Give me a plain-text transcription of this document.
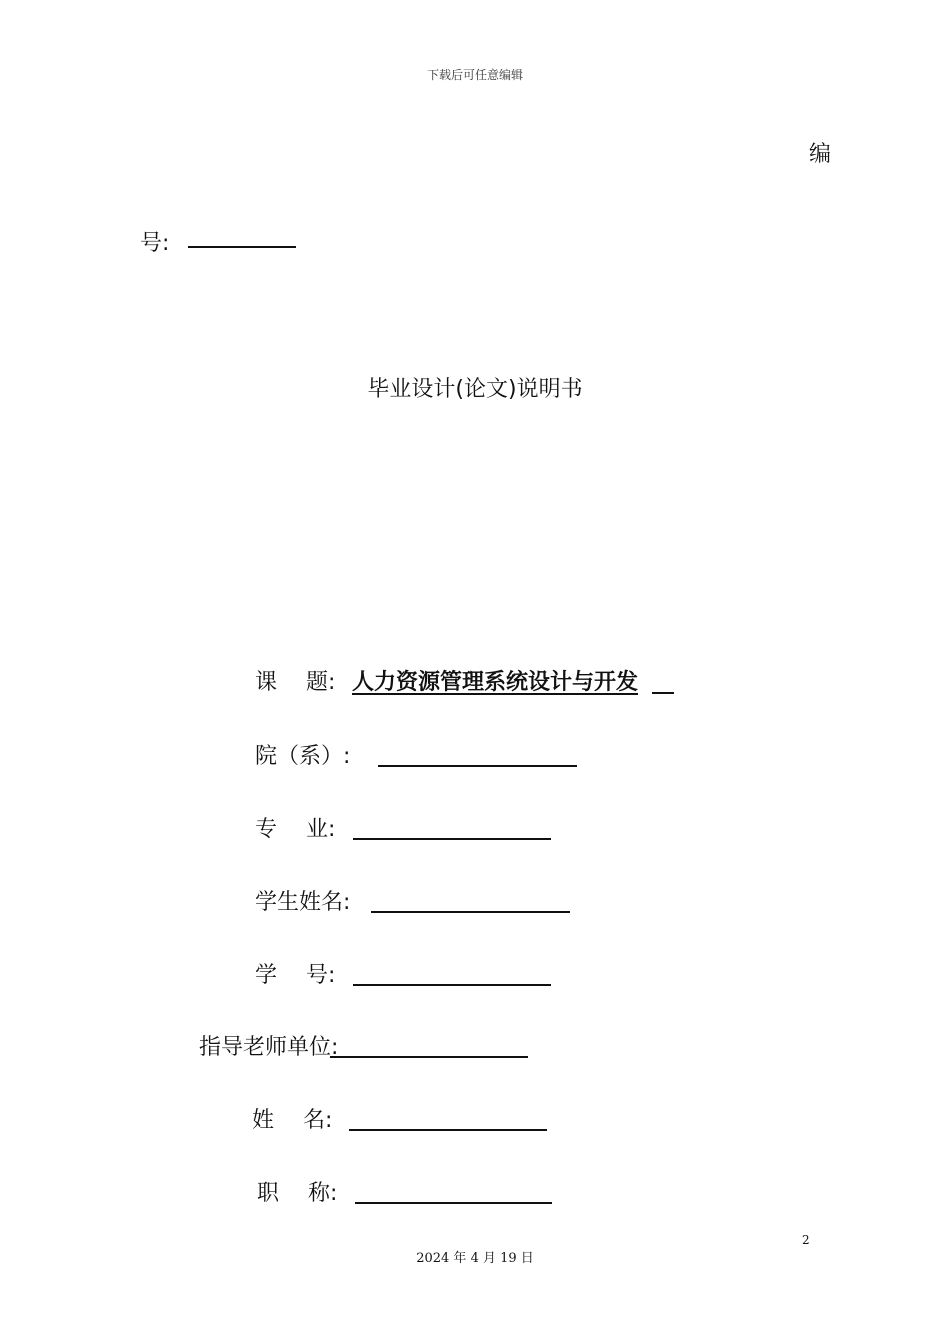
下载后可任意编辑
编
号:
毕业设计(论文)说明书
课　 题: 人力资源管理系统设计与开发
院（系）:
专　 业:
学生姓名:
学　 号:
指导老师单位:
姓　 名:
职　 称:
2
2024 年 4 月 19 日
